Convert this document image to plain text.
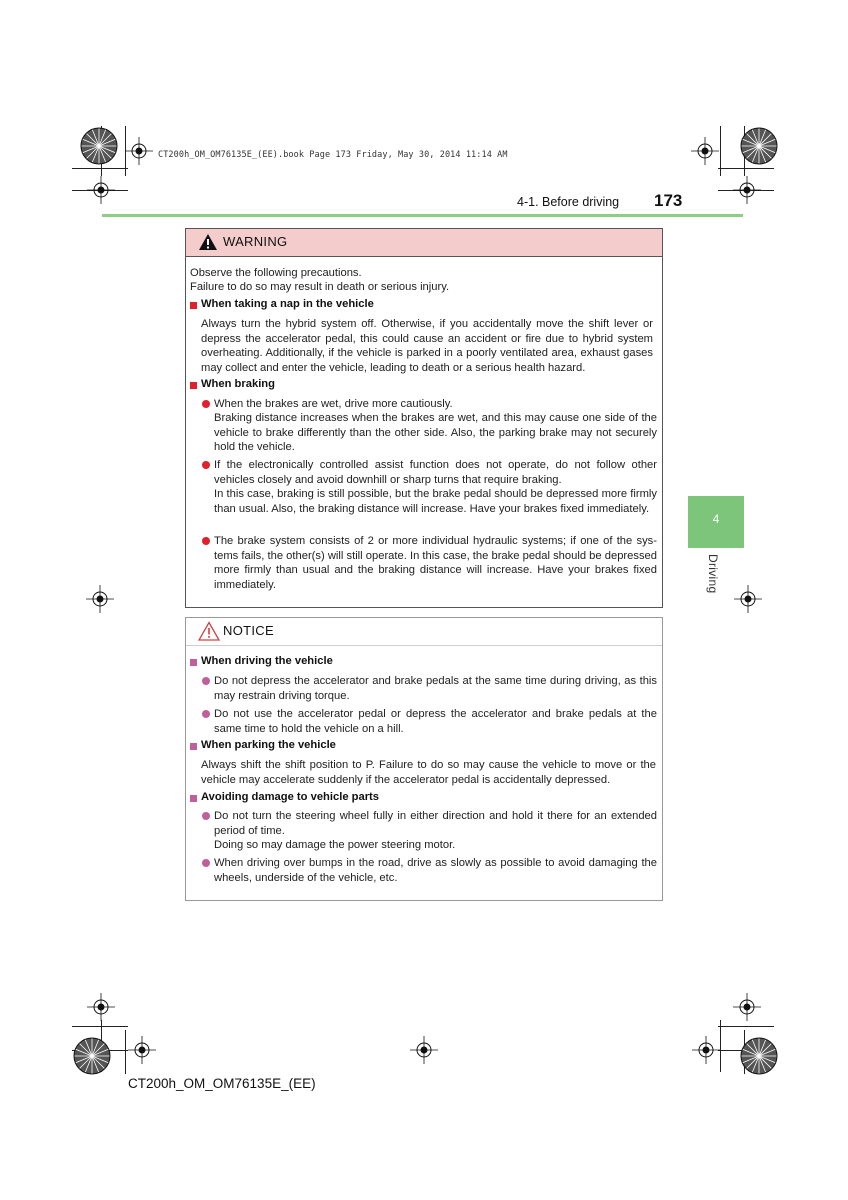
CT200h_OM_OM76135E_(EE).book Page 173 Friday, May 30, 2014 11:14 AM
4-1. Before driving 173
4
Driving
WARNING
Observe the following precautions.
Failure to do so may result in death or serious injury.
When taking a nap in the vehicle
Always turn the hybrid system off. Otherwise, if you accidentally move the shift lever or depress the accelerator pedal, this could cause an accident or fire due to hybrid system overheating. Additionally, if the vehicle is parked in a poorly ventilated area, exhaust gases may collect and enter the vehicle, leading to death or a serious health hazard.
When braking
When the brakes are wet, drive more cautiously.
Braking distance increases when the brakes are wet, and this may cause one side of the vehicle to brake differently than the other side. Also, the parking brake may not securely hold the vehicle.
If the electronically controlled assist function does not operate, do not follow other vehicles closely and avoid downhill or sharp turns that require braking.
In this case, braking is still possible, but the brake pedal should be depressed more firmly than usual. Also, the braking distance will increase. Have your brakes fixed immediately.
The brake system consists of 2 or more individual hydraulic systems; if one of the sys-tems fails, the other(s) will still operate. In this case, the brake pedal should be depressed more firmly than usual and the braking distance will increase. Have your brakes fixed immediately.
NOTICE
When driving the vehicle
Do not depress the accelerator and brake pedals at the same time during driving, as this may restrain driving torque.
Do not use the accelerator pedal or depress the accelerator and brake pedals at the same time to hold the vehicle on a hill.
When parking the vehicle
Always shift the shift position to P. Failure to do so may cause the vehicle to move or the vehicle may accelerate suddenly if the accelerator pedal is accidentally depressed.
Avoiding damage to vehicle parts
Do not turn the steering wheel fully in either direction and hold it there for an extended period of time.
Doing so may damage the power steering motor.
When driving over bumps in the road, drive as slowly as possible to avoid damaging the wheels, underside of the vehicle, etc.
CT200h_OM_OM76135E_(EE)
